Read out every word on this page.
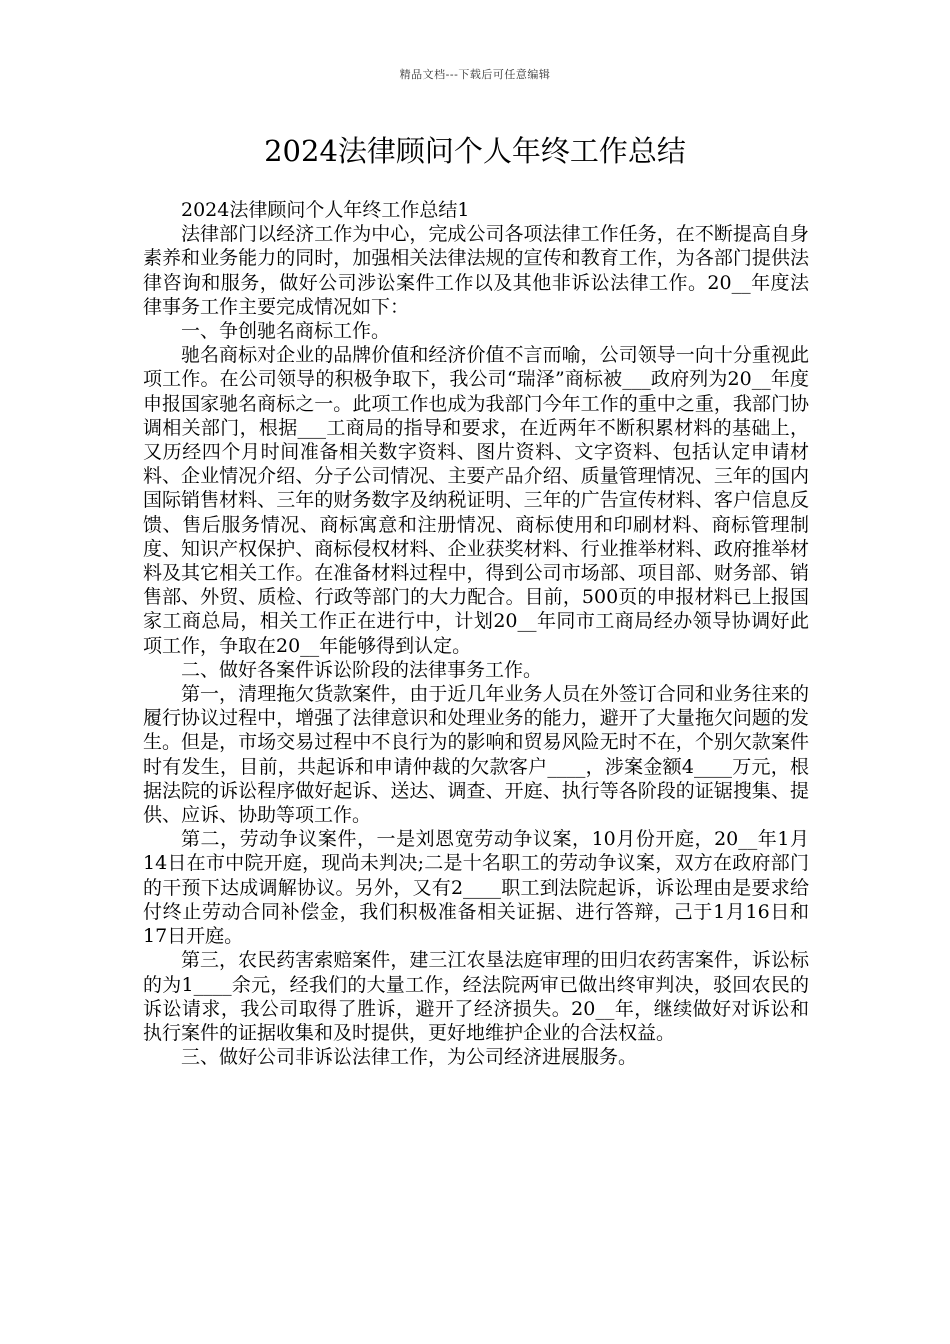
精品文档---下载后可任意编辑
2024法律顾问个人年终工作总结

2024法律顾问个人年终工作总结1

法律部门以经济工作为中心，完成公司各项法律工作任务，在不断提高自身素养和业务能力的同时，加强相关法律法规的宣传和教育工作，为各部门提供法律咨询和服务，做好公司涉讼案件工作以及其他非诉讼法律工作。20__年度法律事务工作主要完成情况如下：

一、争创驰名商标工作。

驰名商标对企业的品牌价值和经济价值不言而喻，公司领导一向十分重视此项工作。在公司领导的积极争取下，我公司“瑞泽”商标被___政府列为20__年度申报国家驰名商标之一。此项工作也成为我部门今年工作的重中之重，我部门协调相关部门，根据___工商局的指导和要求，在近两年不断积累材料的基础上，又历经四个月时间准备相关数字资料、图片资料、文字资料、包括认定申请材料、企业情况介绍、分子公司情况、主要产品介绍、质量管理情况、三年的国内国际销售材料、三年的财务数字及纳税证明、三年的广告宣传材料、客户信息反馈、售后服务情况、商标寓意和注册情况、商标使用和印刷材料、商标管理制度、知识产权保护、商标侵权材料、企业获奖材料、行业推举材料、政府推举材料及其它相关工作。在准备材料过程中，得到公司市场部、项目部、财务部、销售部、外贸、质检、行政等部门的大力配合。目前，500页的申报材料已上报国家工商总局，相关工作正在进行中，计划20__年同市工商局经办领导协调好此项工作，争取在20__年能够得到认定。

二、做好各案件诉讼阶段的法律事务工作。

第一，清理拖欠货款案件，由于近几年业务人员在外签订合同和业务往来的履行协议过程中，增强了法律意识和处理业务的能力，避开了大量拖欠问题的发生。但是，市场交易过程中不良行为的影响和贸易风险无时不在，个别欠款案件时有发生，目前，共起诉和申请仲裁的欠款客户____，涉案金额4____万元，根据法院的诉讼程序做好起诉、送达、调查、开庭、执行等各阶段的证锯搜集、提供、应诉、协助等项工作。

第二，劳动争议案件，一是刘恩宽劳动争议案，10月份开庭，20__年1月14日在市中院开庭，现尚未判决;二是十名职工的劳动争议案，双方在政府部门的干预下达成调解协议。另外，又有2____职工到法院起诉，诉讼理由是要求给付终止劳动合同补偿金，我们积极准备相关证据、进行答辩，己于1月16日和17日开庭。

第三，农民药害索赔案件，建三江农垦法庭审理的田归农药害案件，诉讼标的为1____余元，经我们的大量工作，经法院两审已做出终审判决，驳回农民的诉讼请求，我公司取得了胜诉，避开了经济损失。20__年，继续做好对诉讼和执行案件的证据收集和及时提供，更好地维护企业的合法权益。

三、做好公司非诉讼法律工作，为公司经济进展服务。
